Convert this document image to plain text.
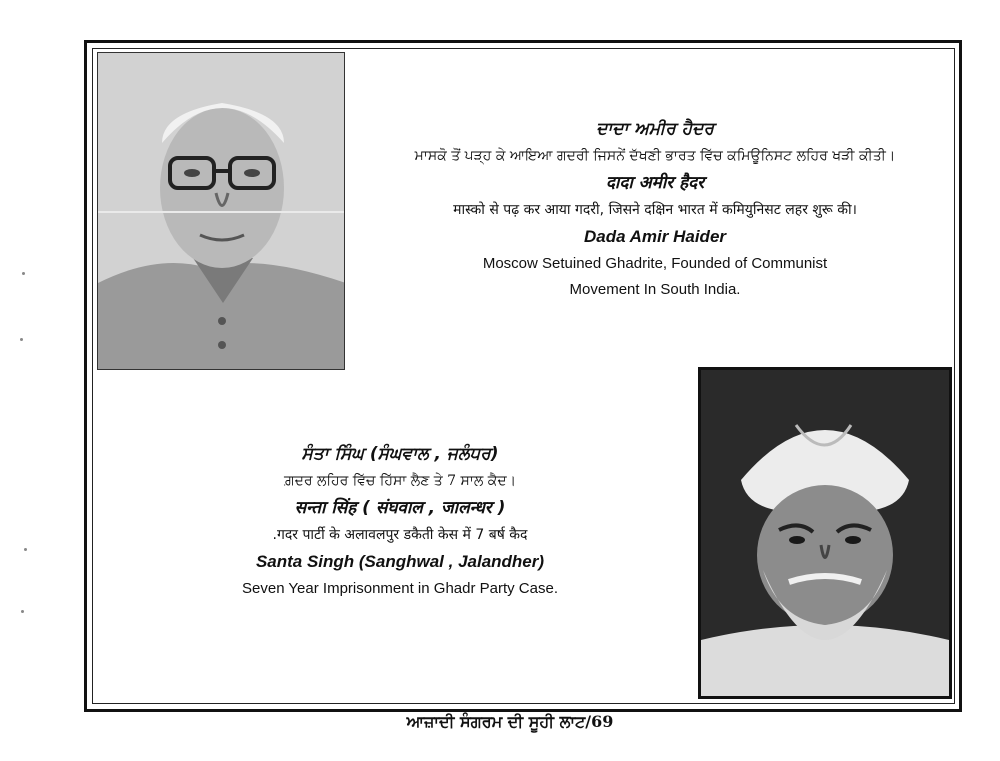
ਦਾਦਾ ਅਮੀਰ ਹੈਦਰ

ਮਾਸਕੋ ਤੋਂ ਪੜ੍ਹ ਕੇ ਆਇਆ ਗਦਰੀ ਜਿਸਨੇਂ ਦੱਖਣੀ ਭਾਰਤ ਵਿੱਚ ਕਮਿਊਨਿਸਟ ਲਹਿਰ ਖੜੀ ਕੀਤੀ।

दादा अमीर हैदर

मास्को से पढ़ कर आया गदरी, जिसने दक्षिन भारत में कमियुनिसट लहर शुरू की।

Dada Amir Haider

Moscow Setuined Ghadrite, Founded of Communist

Movement In South India.

ਸੰਤਾ ਸਿੰਘ (ਸੰਘਵਾਲ , ਜਲੰਧਰ)

ਗ਼ਦਰ ਲਹਿਰ ਵਿੱਚ ਹਿੱਸਾ ਲੈਣ ਤੇ 7 ਸਾਲ ਕੈਦ।

सन्ता सिंह ( संघवाल , जालन्धर )

.गदर पार्टी के अलावलपुर डकैती केस में 7 बर्ष कैद

Santa Singh (Sanghwal , Jalandher)

Seven Year Imprisonment in Ghadr Party Case.

ਆਜ਼ਾਦੀ ਸੰਗਰਮ ਦੀ ਸੂਹੀ ਲਾਟ/69
